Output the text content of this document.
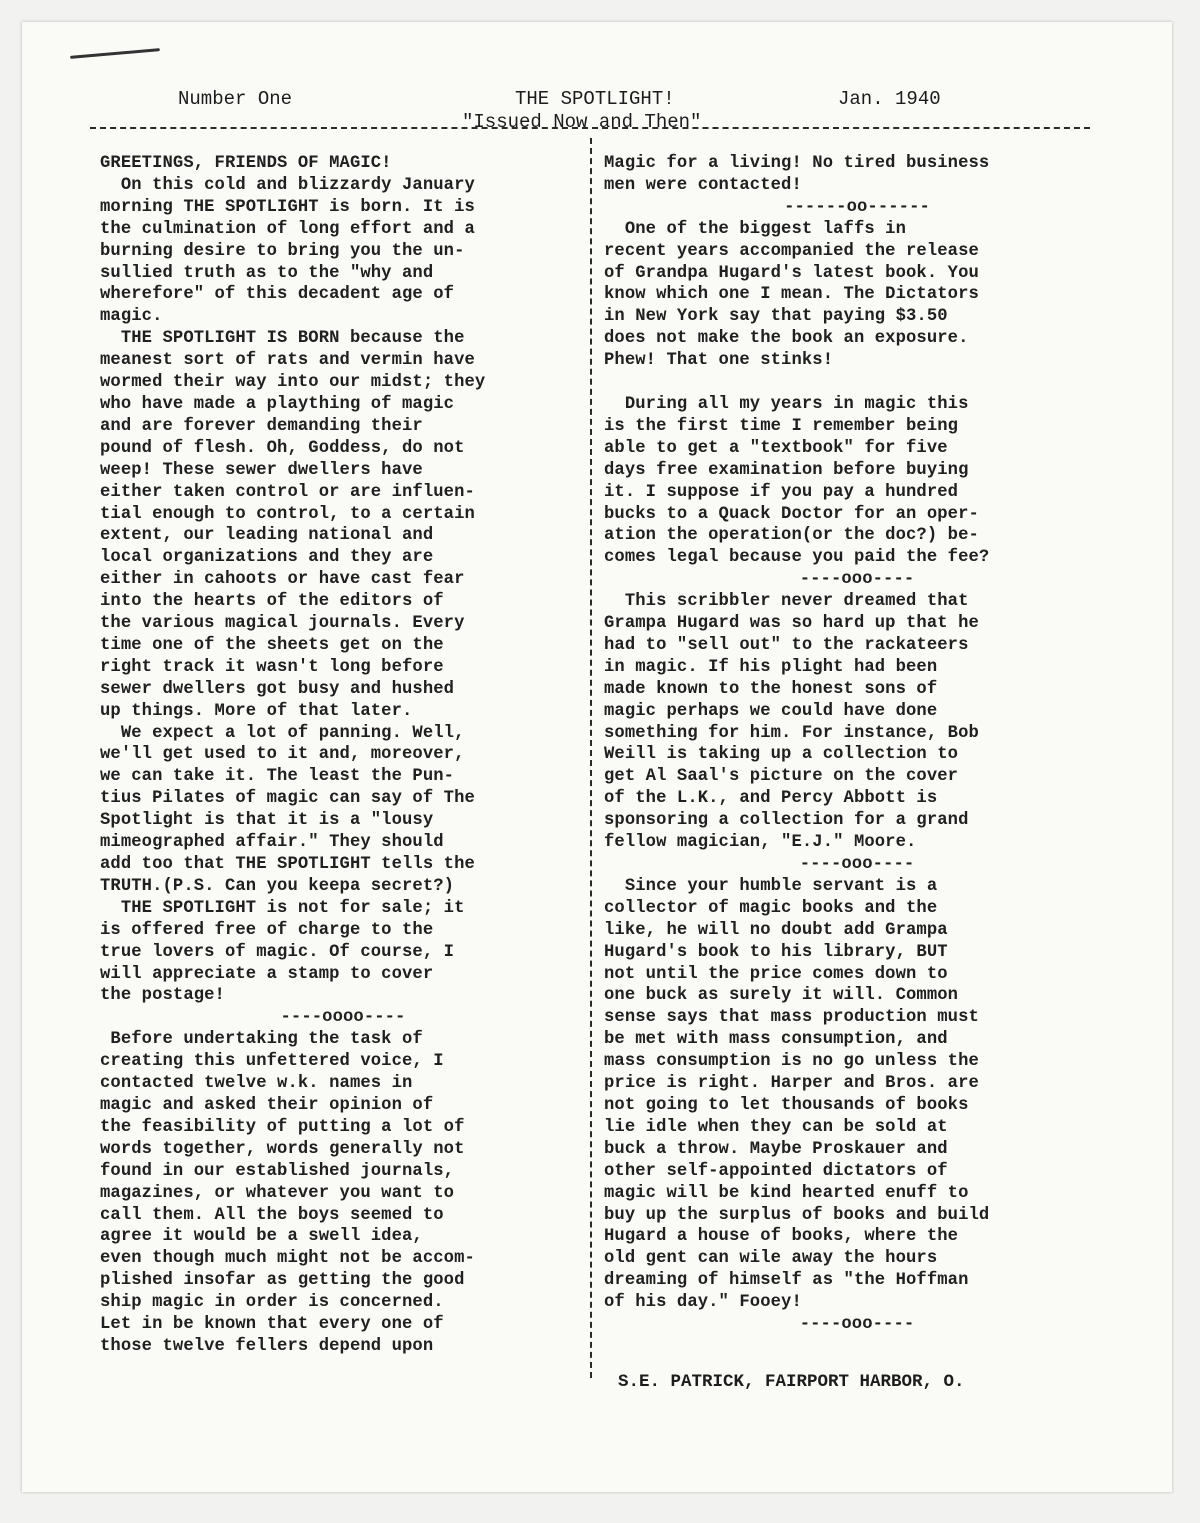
Number One	THE SPOTLIGHT!	Jan. 1940
"Issued Now and Then"
GREETINGS, FRIENDS OF MAGIC!
On this cold and blizzardy January
morning THE SPOTLIGHT is born. It is
the culmination of long effort and a
burning desire to bring you the un-
sullied truth as to the "why and
wherefore" of this decadent age of
magic.
THE SPOTLIGHT IS BORN because the
meanest sort of rats and vermin have
wormed their way into our midst; they
who have made a plaything of magic
and are forever demanding their
pound of flesh. Oh, Goddess, do not
weep! These sewer dwellers have
either taken control or are influen-
tial enough to control, to a certain
extent, our leading national and
local organizations and they are
either in cahoots or have cast fear
into the hearts of the editors of
the various magical journals. Every
time one of the sheets get on the
right track it wasn't long before
sewer dwellers got busy and hushed
up things. More of that later.
We expect a lot of panning. Well,
we'll get used to it and, moreover,
we can take it. The least the Pun-
tius Pilates of magic can say of The
Spotlight is that it is a "lousy
mimeographed affair." They should
add too that THE SPOTLIGHT tells the
TRUTH.(P.S. Can you keepa secret?)
THE SPOTLIGHT is not for sale; it
is offered free of charge to the
true lovers of magic. Of course, I
will appreciate a stamp to cover
the postage!
----oooo----
Before undertaking the task of
creating this unfettered voice, I
contacted twelve w.k. names in
magic and asked their opinion of
the feasibility of putting a lot of
words together, words generally not
found in our established journals,
magazines, or whatever you want to
call them. All the boys seemed to
agree it would be a swell idea,
even though much might not be accom-
plished insofar as getting the good
ship magic in order is concerned.
Let in be known that every one of
those twelve fellers depend upon
Magic for a living! No tired business
men were contacted!
------oo------
One of the biggest laffs in
recent years accompanied the release
of Grandpa Hugard's latest book. You
know which one I mean. The Dictators
in New York say that paying $3.50
does not make the book an exposure.
Phew! That one stinks!

During all my years in magic this
is the first time I remember being
able to get a "textbook" for five
days free examination before buying
it. I suppose if you pay a hundred
bucks to a Quack Doctor for an oper-
ation the operation(or the doc?) be-
comes legal because you paid the fee?
----ooo----
This scribbler never dreamed that
Grampa Hugard was so hard up that he
had to "sell out" to the rackateers
in magic. If his plight had been
made known to the honest sons of
magic perhaps we could have done
something for him. For instance, Bob
Weill is taking up a collection to
get Al Saal's picture on the cover
of the L.K., and Percy Abbott is
sponsoring a collection for a grand
fellow magician, "E.J." Moore.
----ooo----
Since your humble servant is a
collector of magic books and the
like, he will no doubt add Grampa
Hugard's book to his library, BUT
not until the price comes down to
one buck as surely it will. Common
sense says that mass production must
be met with mass consumption, and
mass consumption is no go unless the
price is right. Harper and Bros. are
not going to let thousands of books
lie idle when they can be sold at
buck a throw. Maybe Proskauer and
other self-appointed dictators of
magic will be kind hearted enuff to
buy up the surplus of books and build
Hugard a house of books, where the
old gent can wile away the hours
dreaming of himself as "the Hoffman
of his day." Fooey!
----ooo----
S.E. PATRICK, FAIRPORT HARBOR, O.
